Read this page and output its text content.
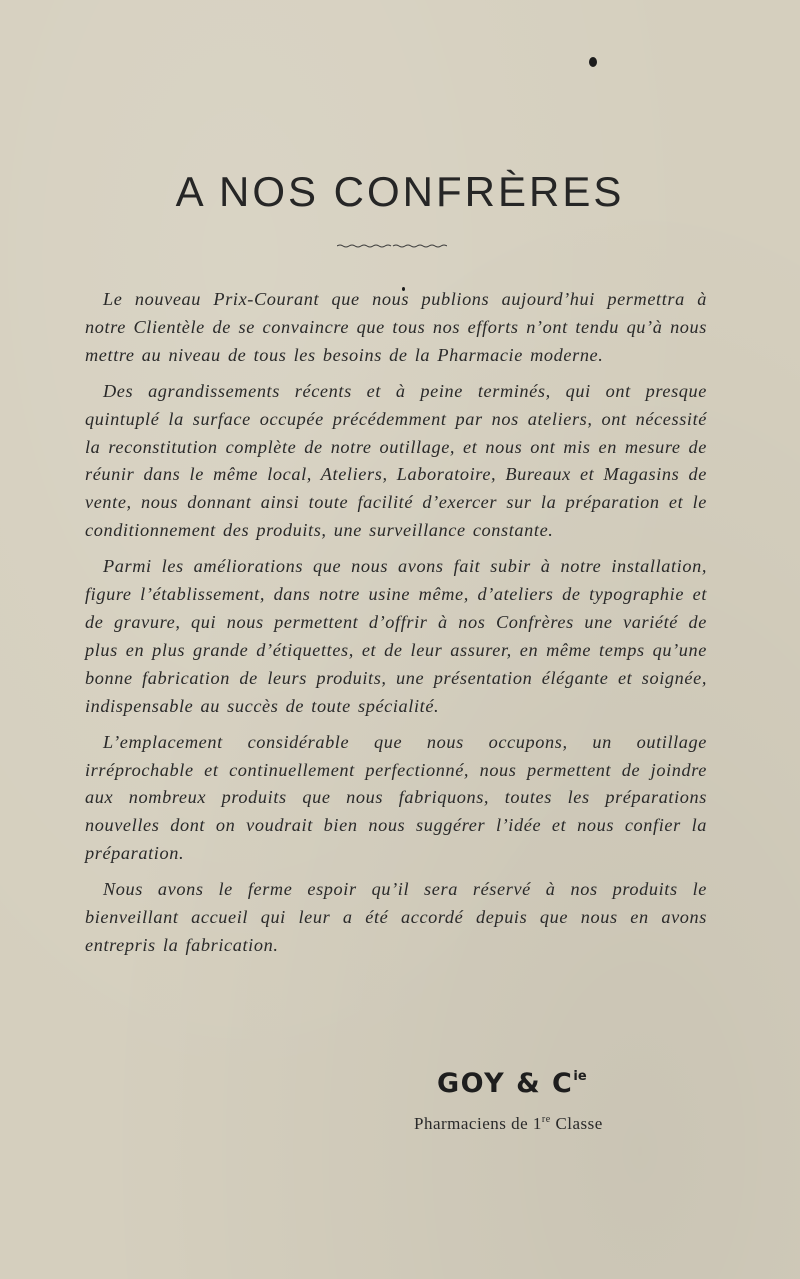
A NOS CONFRÈRES

Le nouveau Prix-Courant que nous publions aujourd’hui permettra à notre Clientèle de se convaincre que tous nos efforts n’ont tendu qu’à nous mettre au niveau de tous les besoins de la Pharmacie moderne.

Des agrandissements récents et à peine terminés, qui ont presque quintuplé la surface occupée précédemment par nos ateliers, ont nécessité la reconstitution complète de notre outillage, et nous ont mis en mesure de réunir dans le même local, Ateliers, Laboratoire, Bureaux et Magasins de vente, nous donnant ainsi toute facilité d’exercer sur la préparation et le conditionnement des produits, une surveillance constante.

Parmi les améliorations que nous avons fait subir à notre installation, figure l’établissement, dans notre usine même, d’ateliers de typographie et de gravure, qui nous permettent d’offrir à nos Confrères une variété de plus en plus grande d’étiquettes, et de leur assurer, en même temps qu’une bonne fabrication de leurs produits, une présentation élégante et soignée, indispensable au succès de toute spécialité.

L’emplacement considérable que nous occupons, un outillage irréprochable et continuellement perfectionné, nous permettent de joindre aux nombreux produits que nous fabriquons, toutes les préparations nouvelles dont on voudrait bien nous suggérer l’idée et nous confier la préparation.

Nous avons le ferme espoir qu’il sera réservé à nos produits le bienveillant accueil qui leur a été accordé depuis que nous en avons entrepris la fabrication.

GOY & $C^{ie}$
Pharmaciens de 1re Classe
